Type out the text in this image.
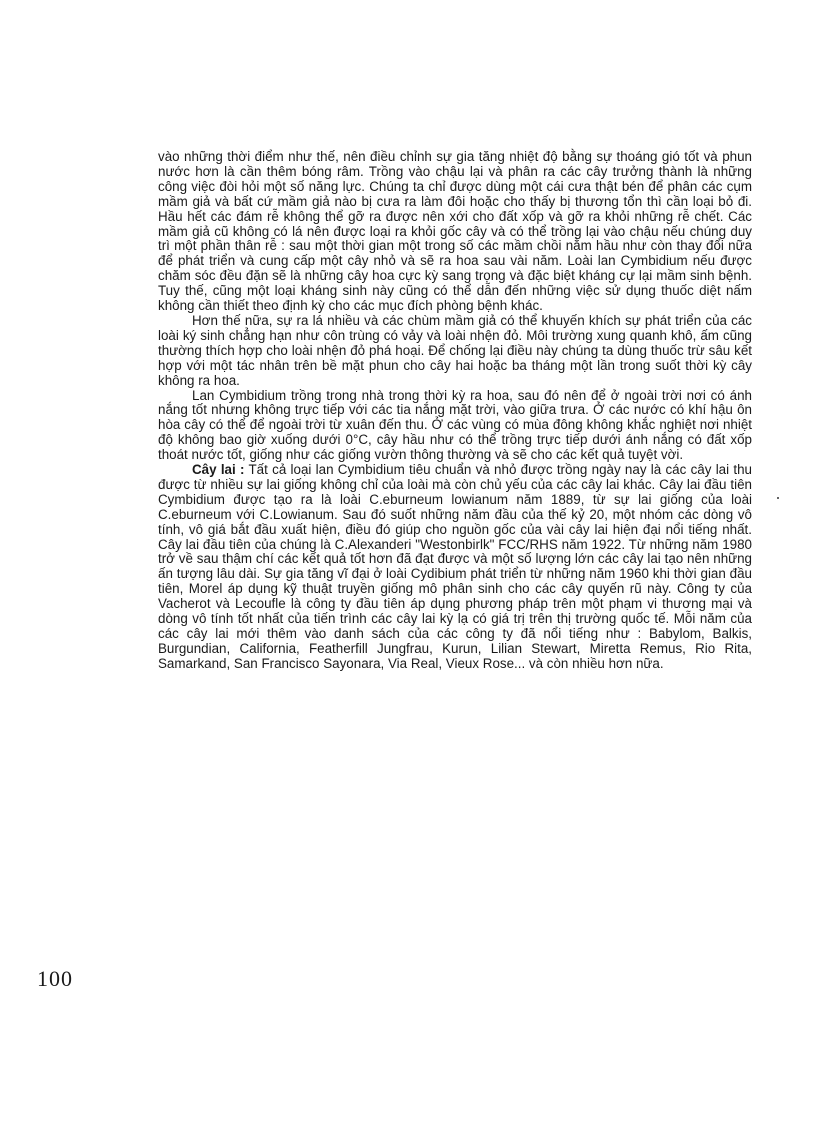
vào những thời điểm như thế, nên điều chỉnh sự gia tăng nhiệt độ bằng sự thoáng gió tốt và phun nước hơn là cần thêm bóng râm. Trồng vào chậu lại và phân ra các cây trưởng thành là những công việc đòi hỏi một số năng lực. Chúng ta chỉ được dùng một cái cưa thật bén để phân các cụm mầm giả và bất cứ mầm giả nào bị cưa ra làm đôi hoặc cho thấy bị thương tổn thì cần loại bỏ đi. Hầu hết các đám rễ không thể gỡ ra được nên xới cho đất xốp và gỡ ra khỏi những rễ chết. Các mầm giả cũ không có lá nên được loại ra khỏi gốc cây và có thể trồng lại vào chậu nếu chúng duy trì một phần thân rễ : sau một thời gian một trong số các mầm chồi nằm hầu như còn thay đổi nữa để phát triển và cung cấp một cây nhỏ và sẽ ra hoa sau vài năm. Loài lan Cymbidium nếu được chăm sóc đều đặn sẽ là những cây hoa cực kỳ sang trọng và đặc biệt kháng cự lại mầm sinh bệnh. Tuy thế, cũng một loại kháng sinh này cũng có thể dẫn đến những việc sử dụng thuốc diệt nấm không cần thiết theo định kỳ cho các mục đích phòng bệnh khác.

Hơn thế nữa, sự ra lá nhiều và các chùm mầm giả có thể khuyến khích sự phát triển của các loài ký sinh chẳng hạn như côn trùng có vảy và loài nhện đỏ. Môi trường xung quanh khô, ấm cũng thường thích hợp cho loài nhện đỏ phá hoại. Để chống lại điều này chúng ta dùng thuốc trừ sâu kết hợp với một tác nhân trên bề mặt phun cho cây hai hoặc ba tháng một lần trong suốt thời kỳ cây không ra hoa.

Lan Cymbidium trồng trong nhà trong thời kỳ ra hoa, sau đó nên để ở ngoài trời nơi có ánh nắng tốt nhưng không trực tiếp với các tia nắng mặt trời, vào giữa trưa. Ở các nước có khí hậu ôn hòa cây có thể để ngoài trời từ xuân đến thu. Ở các vùng có mùa đông không khắc nghiệt nơi nhiệt độ không bao giờ xuống dưới 0°C, cây hầu như có thể trồng trực tiếp dưới ánh nắng có đất xốp thoát nước tốt, giống như các giống vườn thông thường và sẽ cho các kết quả tuyệt vời.

Cây lai : Tất cả loại lan Cymbidium tiêu chuẩn và nhỏ được trồng ngày nay là các cây lai thu được từ nhiều sự lai giống không chỉ của loài mà còn chủ yếu của các cây lai khác. Cây lai đầu tiên Cymbidium được tạo ra là loài C.eburneum lowianum năm 1889, từ sự lai giống của loài C.eburneum với C.Lowianum. Sau đó suốt những năm đầu của thế kỷ 20, một nhóm các dòng vô tính, vô giá bắt đầu xuất hiện, điều đó giúp cho nguồn gốc của vài cây lai hiện đại nổi tiếng nhất. Cây lai đầu tiên của chúng là C.Alexanderi "Westonbirlk" FCC/RHS năm 1922. Từ những năm 1980 trở về sau thậm chí các kết quả tốt hơn đã đạt được và một số lượng lớn các cây lai tạo nên những ấn tượng lâu dài. Sự gia tăng vĩ đại ở loài Cydibium phát triển từ những năm 1960 khi thời gian đầu tiên, Morel áp dụng kỹ thuật truyền giống mô phân sinh cho các cây quyến rũ này. Công ty của Vacherot và Lecoufle là công ty đầu tiên áp dụng phương pháp trên một phạm vi thương mại và dòng vô tính tốt nhất của tiến trình các cây lai kỳ lạ có giá trị trên thị trường quốc tế. Mỗi năm của các cây lai mới thêm vào danh sách của các công ty đã nổi tiếng như : Babylom, Balkis, Burgundian, California, Featherfill Jungfrau, Kurun, Lilian Stewart, Miretta Remus, Rio Rita, Samarkand, San Francisco Sayonara, Via Real, Vieux Rose... và còn nhiều hơn nữa.

100
